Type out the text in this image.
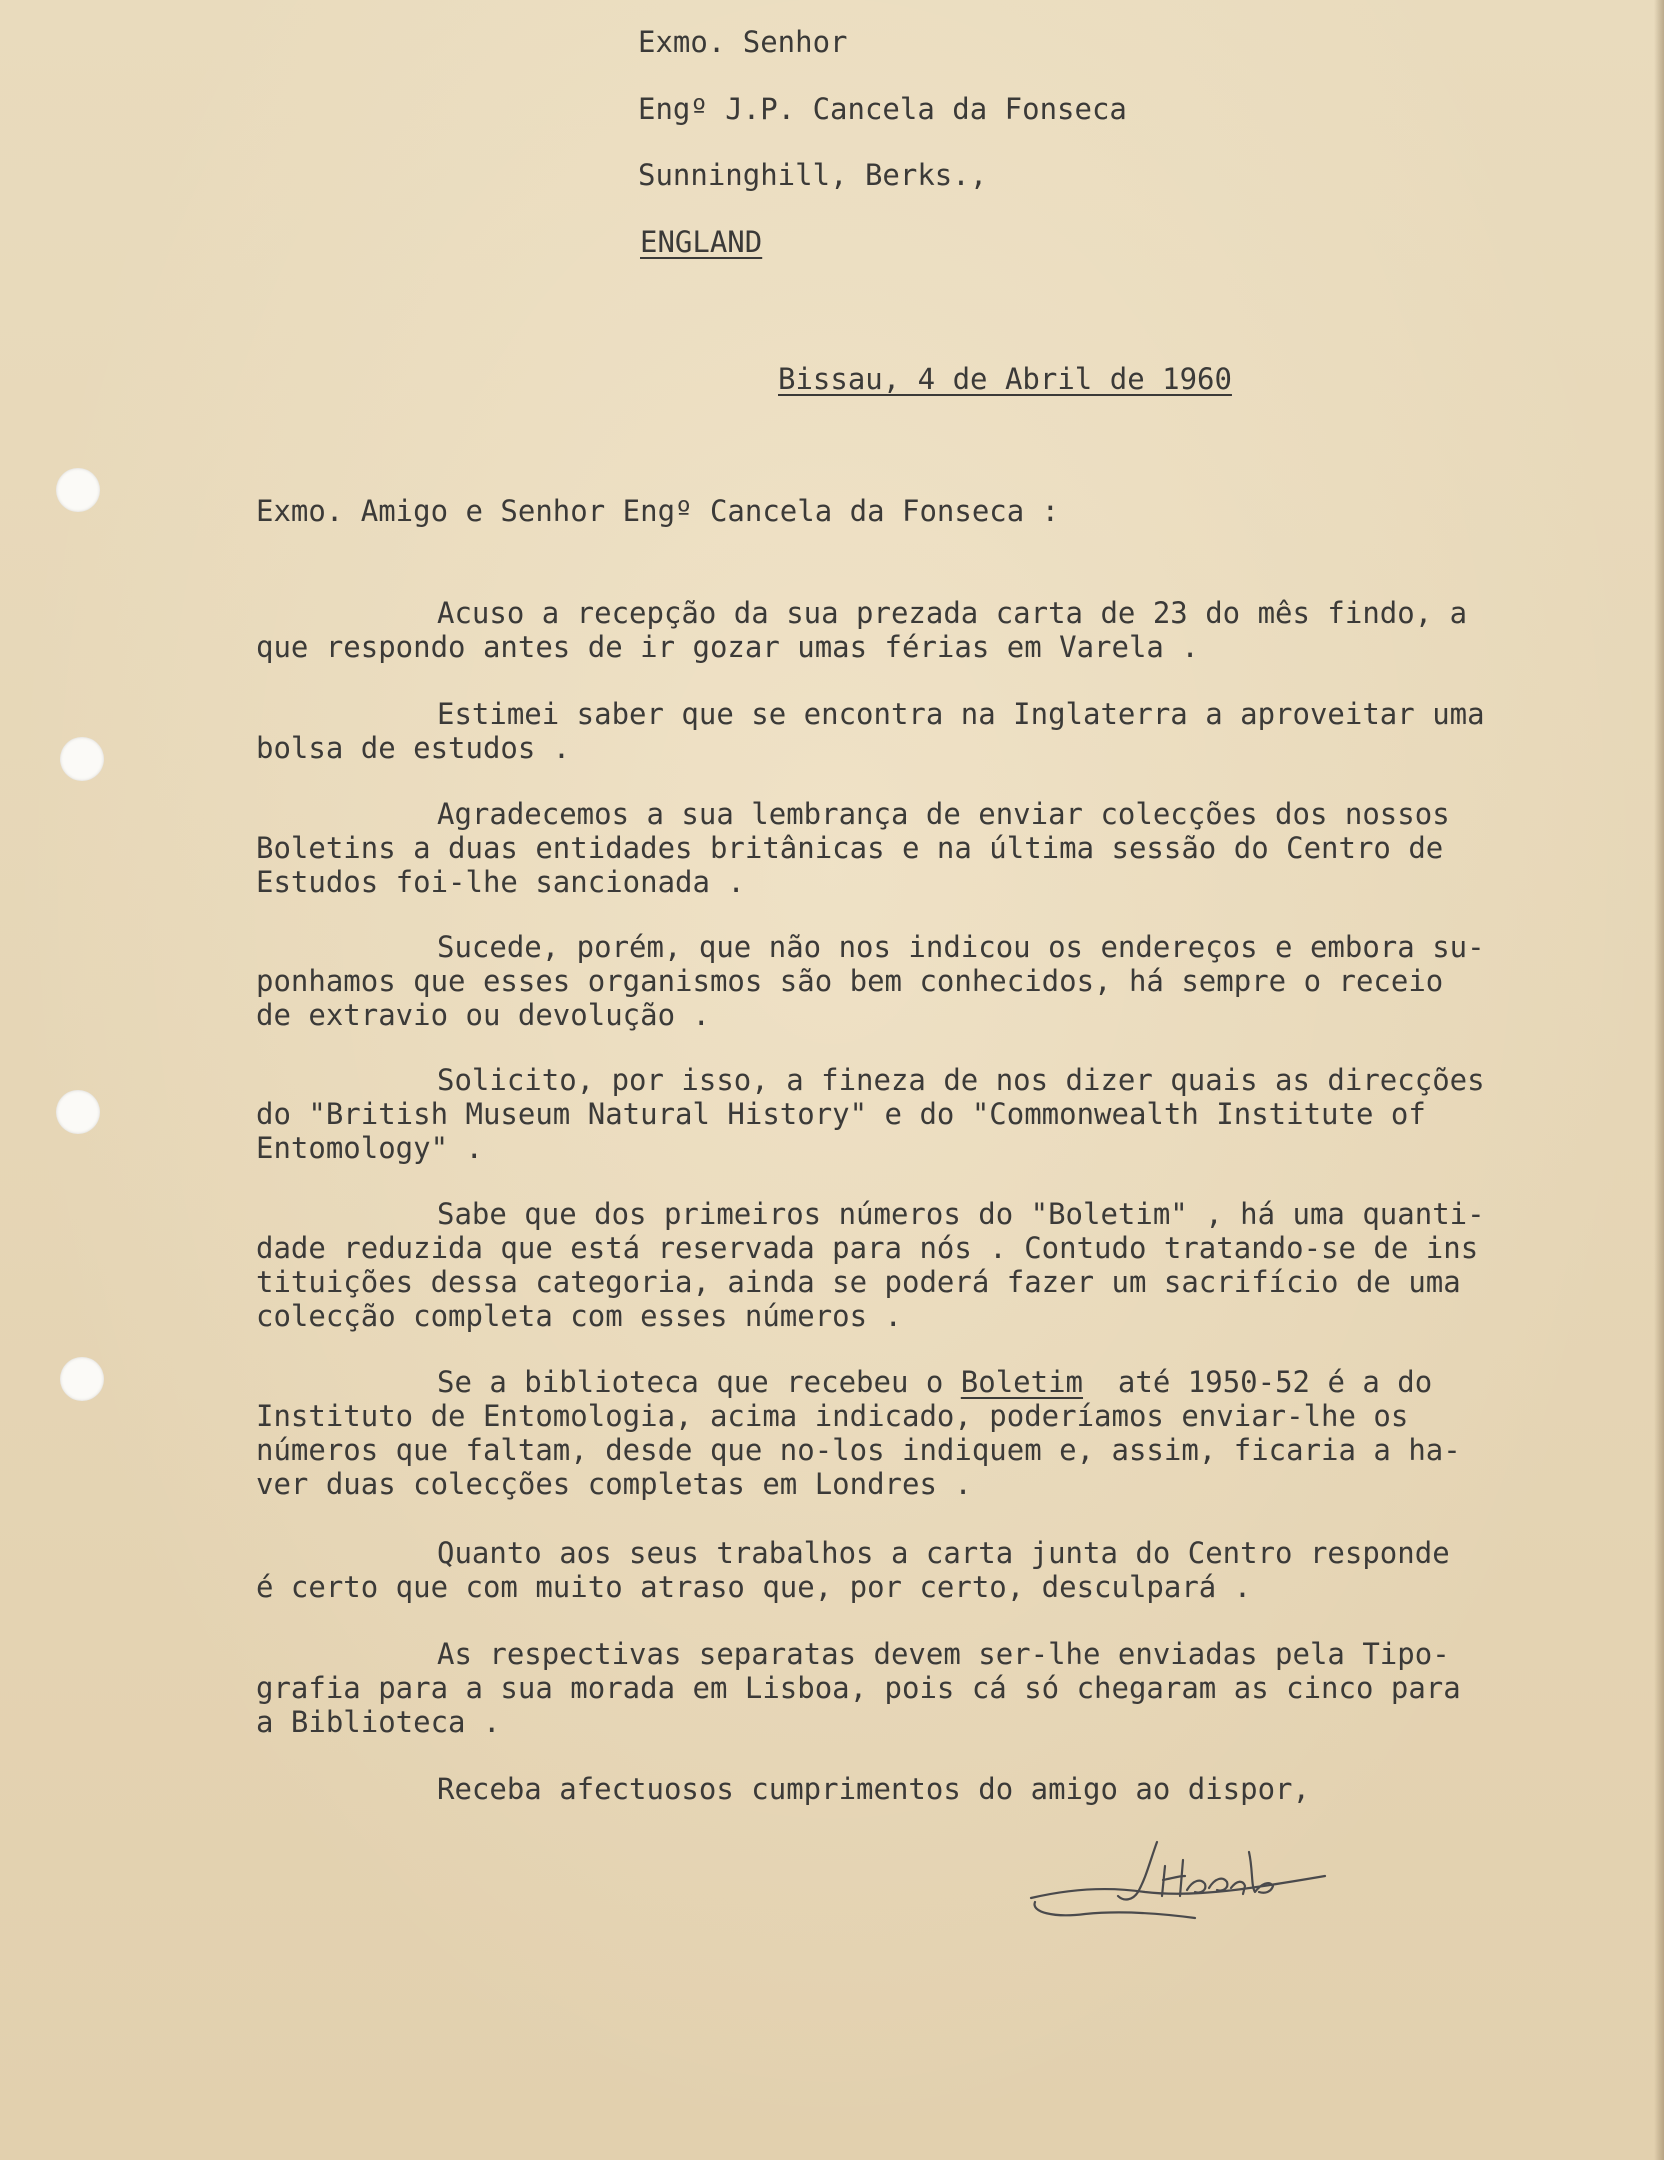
Exmo. Senhor
Engº J.P. Cancela da Fonseca
Sunninghill, Berks.,
ENGLAND
Bissau, 4 de Abril de 1960
Exmo. Amigo e Senhor Engº Cancela da Fonseca :
Acuso a recepção da sua prezada carta de 23 do mês findo, a
que respondo antes de ir gozar umas férias em Varela .
Estimei saber que se encontra na Inglaterra a aproveitar uma
bolsa de estudos .
Agradecemos a sua lembrança de enviar colecções dos nossos
Boletins a duas entidades britânicas e na última sessão do Centro de
Estudos foi-lhe sancionada .
Sucede, porém, que não nos indicou os endereços e embora su-
ponhamos que esses organismos são bem conhecidos, há sempre o receio
de extravio ou devolução .
Solicito, por isso, a fineza de nos dizer quais as direcções
do "British Museum Natural History" e do "Commonwealth Institute of
Entomology" .
Sabe que dos primeiros números do "Boletim" , há uma quanti-
dade reduzida que está reservada para nós . Contudo tratando-se de ins
tituições dessa categoria, ainda se poderá fazer um sacrifício de uma
colecção completa com esses números .
Se a biblioteca que recebeu o Boletim  até 1950-52 é a do
Instituto de Entomologia, acima indicado, poderíamos enviar-lhe os
números que faltam, desde que no-los indiquem e, assim, ficaria a ha-
ver duas colecções completas em Londres .
Quanto aos seus trabalhos a carta junta do Centro responde
é certo que com muito atraso que, por certo, desculpará .
As respectivas separatas devem ser-lhe enviadas pela Tipo-
grafia para a sua morada em Lisboa, pois cá só chegaram as cinco para
a Biblioteca .
Receba afectuosos cumprimentos do amigo ao dispor,
